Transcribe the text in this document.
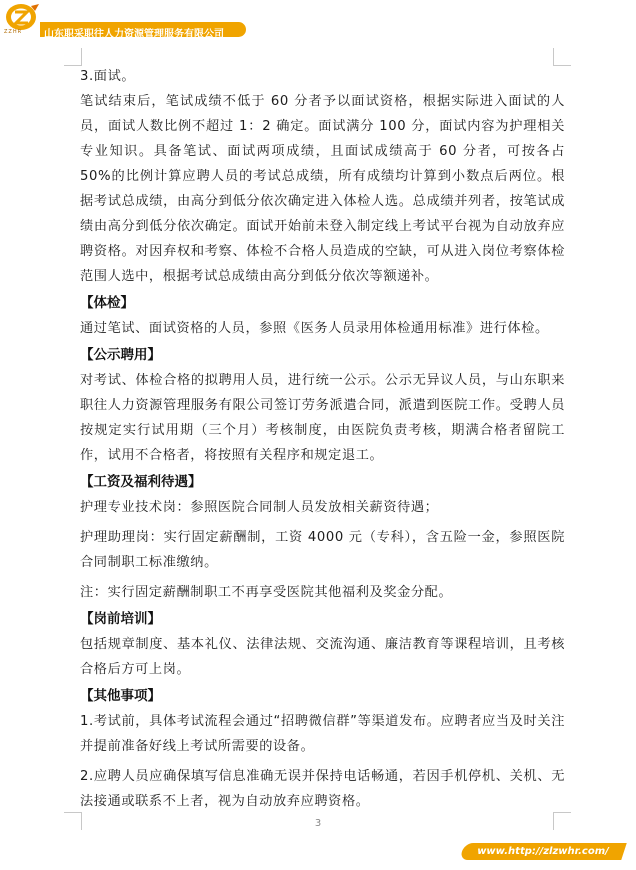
ZZHR	山东职采职往人力资源管理服务有限公司
3.面试。
笔试结束后，笔试成绩不低于 60 分者予以面试资格，根据实际进入面试的人员，面试人数比例不超过 1：2 确定。面试满分 100 分，面试内容为护理相关专业知识。具备笔试、面试两项成绩，且面试成绩高于 60 分者，可按各占 50%的比例计算应聘人员的考试总成绩，所有成绩均计算到小数点后两位。根据考试总成绩，由高分到低分依次确定进入体检人选。总成绩并列者，按笔试成绩由高分到低分依次确定。面试开始前未登入制定线上考试平台视为自动放弃应聘资格。对因弃权和考察、体检不合格人员造成的空缺，可从进入岗位考察体检范围人选中，根据考试总成绩由高分到低分依次等额递补。
【体检】
通过笔试、面试资格的人员，参照《医务人员录用体检通用标准》进行体检。
【公示聘用】
对考试、体检合格的拟聘用人员，进行统一公示。公示无异议人员，与山东职来职往人力资源管理服务有限公司签订劳务派遣合同，派遣到医院工作。受聘人员按规定实行试用期（三个月）考核制度，由医院负责考核，期满合格者留院工作，试用不合格者，将按照有关程序和规定退工。
【工资及福利待遇】
护理专业技术岗：参照医院合同制人员发放相关薪资待遇；
护理助理岗：实行固定薪酬制，工资 4000 元（专科），含五险一金，参照医院合同制职工标准缴纳。
注：实行固定薪酬制职工不再享受医院其他福利及奖金分配。
【岗前培训】
包括规章制度、基本礼仪、法律法规、交流沟通、廉洁教育等课程培训，且考核合格后方可上岗。
【其他事项】
1.考试前，具体考试流程会通过“招聘微信群”等渠道发布。应聘者应当及时关注并提前准备好线上考试所需要的设备。
2.应聘人员应确保填写信息准确无误并保持电话畅通，若因手机停机、关机、无法接通或联系不上者，视为自动放弃应聘资格。
3
www.http://zlzwhr.com/
